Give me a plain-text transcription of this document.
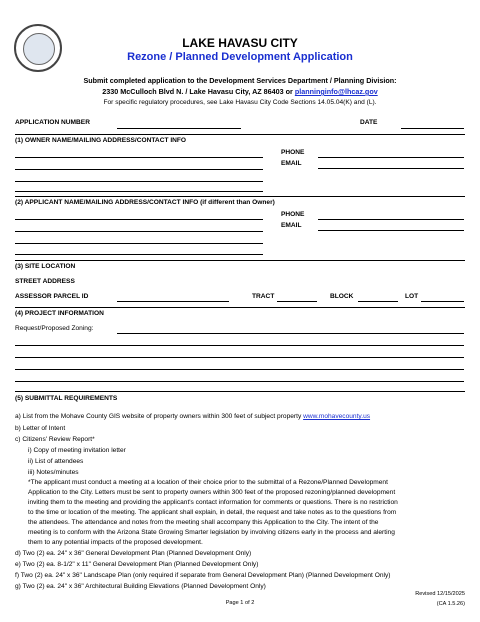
LAKE HAVASU CITY
Rezone / Planned Development Application
Submit completed application to the Development Services Department / Planning Division:
2330 McCulloch Blvd N. / Lake Havasu City, AZ 86403 or planninginfo@lhcaz.gov
For specific regulatory procedures, see Lake Havasu City Code Sections 14.05.04(K) and (L).
APPLICATION NUMBER	DATE
(1) OWNER NAME/MAILING ADDRESS/CONTACT INFO
PHONE
EMAIL
(2) APPLICANT NAME/MAILING ADDRESS/CONTACT INFO (if different than Owner)
PHONE
EMAIL
(3) SITE LOCATION
STREET ADDRESS
ASSESSOR PARCEL ID	TRACT	BLOCK	LOT
(4) PROJECT INFORMATION
Request/Proposed Zoning:
(5) SUBMITTAL REQUIREMENTS
a) List from the Mohave County GIS website of property owners within 300 feet of subject property www.mohavecounty.us
b) Letter of Intent
c) Citizens' Review Report*
i) Copy of meeting invitation letter
ii) List of attendees
iii) Notes/minutes
*The applicant must conduct a meeting at a location of their choice prior to the submittal of a Rezone/Planned Development
Application to the City. Letters must be sent to property owners within 300 feet of the proposed rezoning/planned development
inviting them to the meeting and providing the applicant's contact information for comments or questions. There is no restriction
to the time or location of the meeting. The applicant shall explain, in detail, the request and take notes as to the questions from
the attendees. The attendance and notes from the meeting shall accompany this Application to the City. The intent of the
meeting is to conform with the Arizona State Growing Smarter legislation by involving citizens early in the process and alerting
them to any potential impacts of the proposed development.
d) Two (2) ea. 24" x 36" General Development Plan (Planned Development Only)
e) Two (2) ea. 8-1/2" x 11" General Development Plan (Planned Development Only)
f) Two (2) ea. 24" x 36" Landscape Plan (only required if separate from General Development Plan) (Planned Development Only)
g) Two (2) ea. 24" x 36" Architectural Building Elevations (Planned Development Only)
Revised 12/15/2025
Page 1 of 2	(CA 1.5.26)
